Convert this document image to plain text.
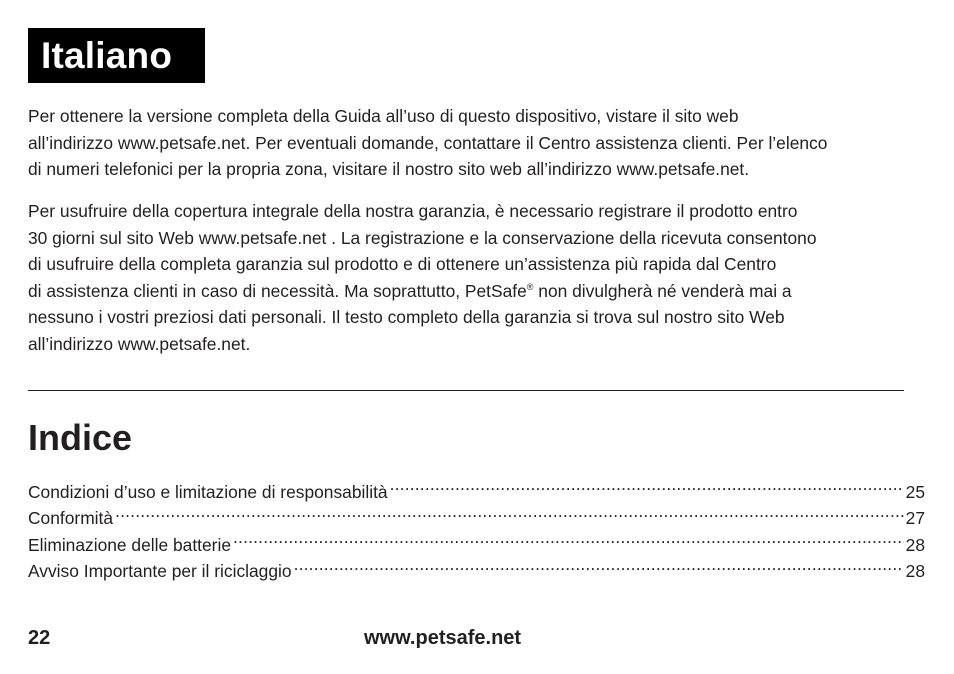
Italiano

Per ottenere la versione completa della Guida all’uso di questo dispositivo, vistare il sito web
all’indirizzo www.petsafe.net. Per eventuali domande, contattare il Centro assistenza clienti. Per l’elenco
di numeri telefonici per la propria zona, visitare il nostro sito web all’indirizzo www.petsafe.net.

Per usufruire della copertura integrale della nostra garanzia, è necessario registrare il prodotto entro
30 giorni sul sito Web www.petsafe.net . La registrazione e la conservazione della ricevuta consentono
di usufruire della completa garanzia sul prodotto e di ottenere un’assistenza più rapida dal Centro
di assistenza clienti in caso di necessità. Ma soprattutto, PetSafe® non divulgherà né venderà mai a
nessuno i vostri preziosi dati personali. Il testo completo della garanzia si trova sul nostro sito Web
all’indirizzo www.petsafe.net.

Indice
Condizioni d’uso e limitazione di responsabilità .....	25
Conformità .....	27
Eliminazione delle batterie .....	28
Avviso Importante per il riciclaggio .....	28
22	www.petsafe.net
